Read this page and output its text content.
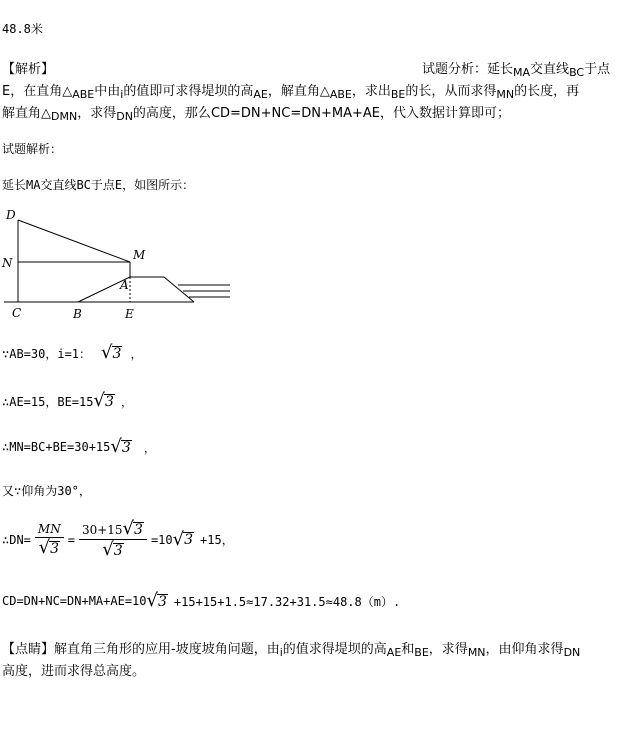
48.8米
【解析】	试题分析：延长$_{MA}$交直线$_{BC}$于点
E，在直角$\triangle_{ABE}$中由$_i$的值即可求得堤坝的高$_{AE}$，解直角$\triangle_{ABE}$，求出$_{BE}$的长，从而求得$_{MN}$的长度，再
解直角$\triangle_{DMN}$，求得$_{DN}$的高度，那么CD=DN+NC=DN+MA+AE，代入数据计算即可；
试题解析：
延长MA交直线BC于点E，如图所示：
D
N
C	B	E
M
A
∵AB=30，i=1： √ 3 ，
∴AE=15，BE=15 √ 3 ，
∴MN=BC+BE=30+15 √ 3 ，
又∵仰角为30°，
∴DN= $\frac{MN}{√ 3} = \frac{30+15 √ 3}{√ 3} =10$ √ 3 +15，
CD=DN+NC=DN+MA+AE=10 √ 3 +15+15+1.5≈17.32+31.5≈48.8（m）.
【点睛】解直角三角形的应用-坡度坡角问题，由$_i$的值求得堤坝的高$_{AE}$和$_{BE}$，求得$_{MN}$，由仰角求得$_{DN}$
高度，进而求得总高度。
